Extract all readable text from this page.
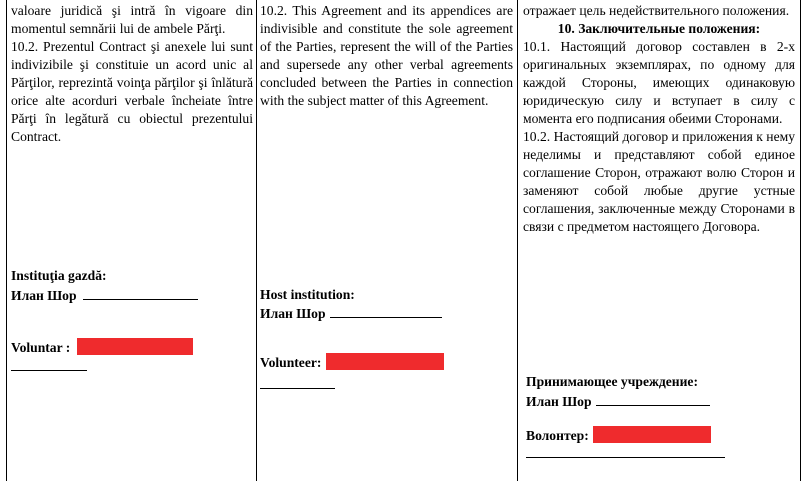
valoare juridică şi intră în vigoare din momentul semnării lui de ambele Părţi.

10.2. Prezentul Contract şi anexele lui sunt indivizibile şi constituie un acord unic al Părţilor, reprezintă voinţa părţilor şi înlătură orice alte acorduri verbale încheiate între Părţi în legătură cu obiectul prezentului Contract.

Instituţia gazdă:
Илан Шор
Voluntar :

10.2. This Agreement and its appendices are indivisible and constitute the sole agreement of the Parties, represent the will of the Parties and supersede any other verbal agreements concluded between the Parties in connection with the subject matter of this Agreement.

Host institution:
Илан Шор
Volunteer:

отражает цель недействительного положения.

10. Заключительные положения:

10.1. Настоящий договор составлен в 2-х оригинальных экземплярах, по одному для каждой Стороны, имеющих одинаковую юридическую силу и вступает в силу с момента его подписания обеими Сторонами.

10.2. Настоящий договор и приложения к нему неделимы и представляют собой единое соглашение Сторон, отражают волю Сторон и заменяют собой любые другие устные соглашения, заключенные между Сторонами в связи с предметом настоящего Договора.

Принимающее учреждение:
Илан Шор
Волонтер:
